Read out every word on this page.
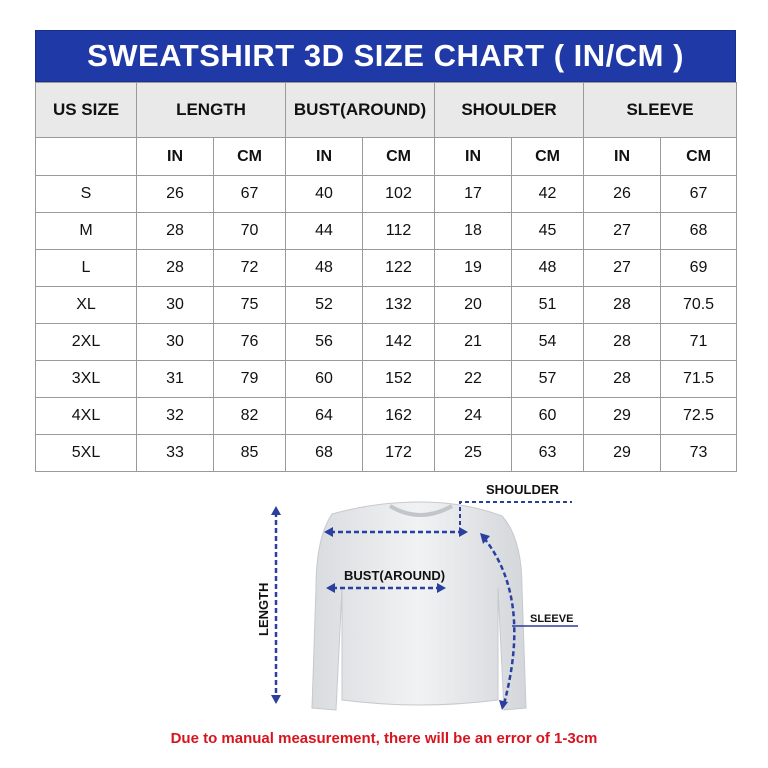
SWEATSHIRT 3D SIZE CHART ( IN/CM )
US SIZE	LENGTH		BUST(AROUND)		SHOULDER		SLEEVE	
	IN	CM	IN	CM	IN	CM	IN	CM
S	26	67	40	102	17	42	26	67
M	28	70	44	112	18	45	27	68
L	28	72	48	122	19	48	27	69
XL	30	75	52	132	20	51	28	70.5
2XL	30	76	56	142	21	54	28	71
3XL	31	79	60	152	22	57	28	71.5
4XL	32	82	64	162	24	60	29	72.5
5XL	33	85	68	172	25	63	29	73
SHOULDER
BUST(AROUND)
LENGTH	SLEEVE
Due to manual measurement, there will be an error of 1-3cm
